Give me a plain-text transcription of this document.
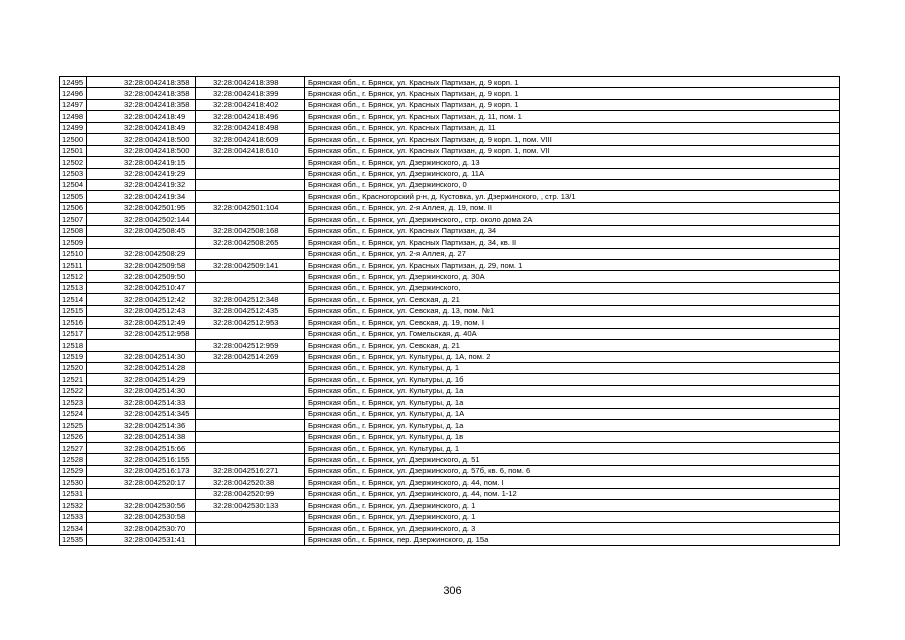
12495	32:28:0042418:358	32:28:0042418:398	Брянская обл., г. Брянск, ул. Красных Партизан, д. 9 корп. 1
12496	32:28:0042418:358	32:28:0042418:399	Брянская обл., г. Брянск, ул. Красных Партизан, д. 9 корп. 1
12497	32:28:0042418:358	32:28:0042418:402	Брянская обл., г. Брянск, ул. Красных Партизан, д. 9 корп. 1
12498	32:28:0042418:49	32:28:0042418:496	Брянская обл., г. Брянск, ул. Красных Партизан, д. 11, пом. 1
12499	32:28:0042418:49	32:28:0042418:498	Брянская обл., г. Брянск, ул. Красных Партизан, д. 11
12500	32:28:0042418:500	32:28:0042418:609	Брянская обл., г. Брянск, ул. Красных Партизан, д. 9 корп. 1, пом. VIII
12501	32:28:0042418:500	32:28:0042418:610	Брянская обл., г. Брянск, ул. Красных Партизан, д. 9 корп. 1, пом. VII
12502	32:28:0042419:15		Брянская обл., г. Брянск, ул. Дзержинского, д. 13
12503	32:28:0042419:29		Брянская обл., г. Брянск, ул. Дзержинского, д. 11А
12504	32:28:0042419:32		Брянская обл., г. Брянск, ул. Дзержинского, 0
12505	32:28:0042419:34		Брянская обл., Красногорский р-н, д. Кустовка, ул. Дзержинского, , стр. 13/1
12506	32:28:0042501:95	32:28:0042501:104	Брянская обл., г. Брянск, ул. 2-я Аллея, д. 19, пом. II
12507	32:28:0042502:144		Брянская обл., г. Брянск, ул. Дзержинского,, стр. около дома 2А
12508	32:28:0042508:45	32:28:0042508:168	Брянская обл., г. Брянск, ул. Красных Партизан, д. 34
12509		32:28:0042508:265	Брянская обл., г. Брянск, ул. Красных Партизан, д. 34, кв. II
12510	32:28:0042508:29		Брянская обл., г. Брянск, ул. 2-я Аллея, д. 27
12511	32:28:0042509:58	32:28:0042509:141	Брянская обл., г. Брянск, ул. Красных Партизан, д. 29, пом. 1
12512	32:28:0042509:50		Брянская обл., г. Брянск, ул. Дзержинского, д. 30А
12513	32:28:0042510:47		Брянская обл., г. Брянск, ул. Дзержинского,
12514	32:28:0042512:42	32:28:0042512:348	Брянская обл., г. Брянск, ул. Севская, д. 21
12515	32:28:0042512:43	32:28:0042512:435	Брянская обл., г. Брянск, ул. Севская, д. 13, пом. №1
12516	32:28:0042512:49	32:28:0042512:953	Брянская обл., г. Брянск, ул. Севская, д. 19, пом. I
12517	32:28:0042512:958		Брянская обл., г. Брянск, ул. Гомельская, д. 40А
12518		32:28:0042512:959	Брянская обл., г. Брянск, ул. Севская, д. 21
12519	32:28:0042514:30	32:28:0042514:269	Брянская обл., г. Брянск, ул. Культуры, д. 1А, пом. 2
12520	32:28:0042514:28		Брянская обл., г. Брянск, ул. Культуры, д. 1
12521	32:28:0042514:29		Брянская обл., г. Брянск, ул. Культуры, д. 1б
12522	32:28:0042514:30		Брянская обл., г. Брянск, ул. Культуры, д. 1а
12523	32:28:0042514:33		Брянская обл., г. Брянск, ул. Культуры, д. 1а
12524	32:28:0042514:345		Брянская обл., г. Брянск, ул. Культуры, д. 1А
12525	32:28:0042514:36		Брянская обл., г. Брянск, ул. Культуры, д. 1а
12526	32:28:0042514:38		Брянская обл., г. Брянск, ул. Культуры, д. 1в
12527	32:28:0042515:66		Брянская обл., г. Брянск, ул. Культуры, д. 1
12528	32:28:0042516:155		Брянская обл., г. Брянск, ул. Дзержинского, д. 51
12529	32:28:0042516:173	32:28:0042516:271	Брянская обл., г. Брянск, ул. Дзержинского, д. 57б, кв. 6, пом. 6
12530	32:28:0042520:17	32:28:0042520:38	Брянская обл., г. Брянск, ул. Дзержинского, д. 44, пом. I
12531		32:28:0042520:99	Брянская обл., г. Брянск, ул. Дзержинского, д. 44, пом. 1-12
12532	32:28:0042530:56	32:28:0042530:133	Брянская обл., г. Брянск, ул. Дзержинского, д. 1
12533	32:28:0042530:58		Брянская обл., г. Брянск, ул. Дзержинского, д. 1
12534	32:28:0042530:70		Брянская обл., г. Брянск, ул. Дзержинского, д. 3
12535	32:28:0042531:41		Брянская обл., г. Брянск, пер. Дзержинского, д. 15а
306
